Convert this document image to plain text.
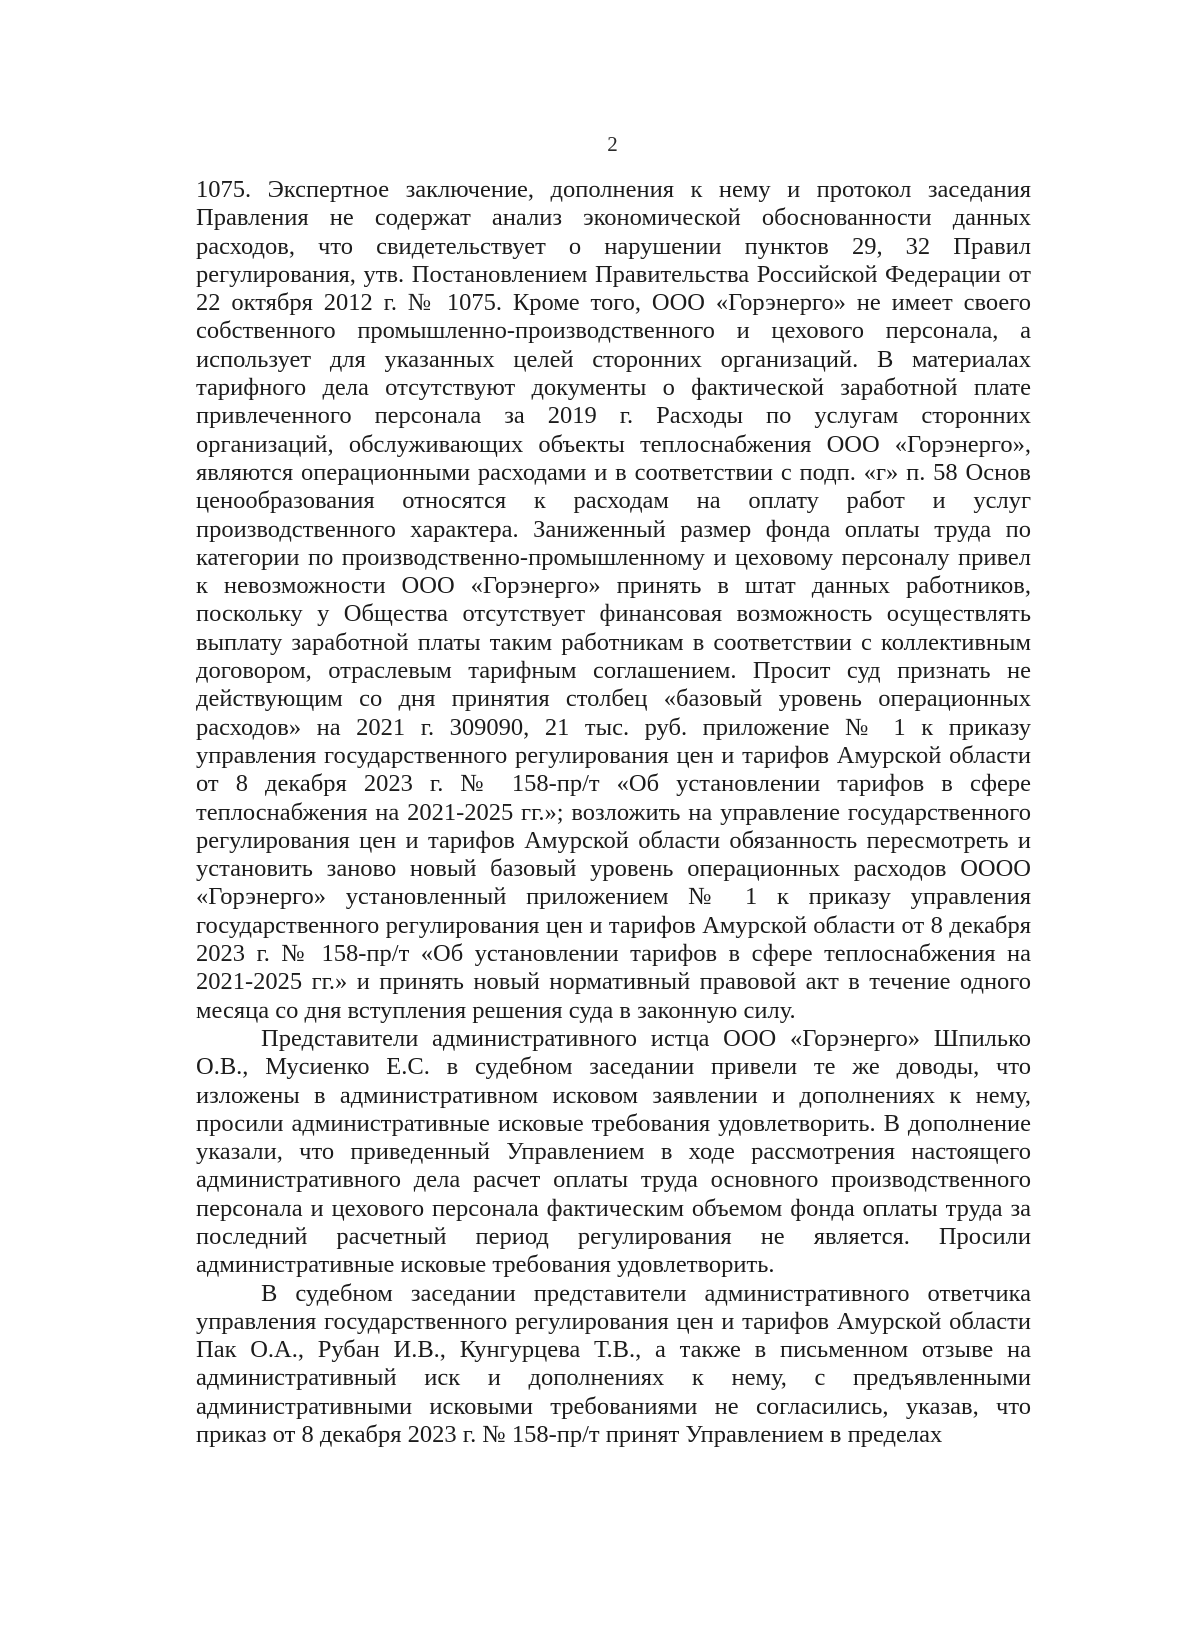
2

1075. Экспертное заключение, дополнения к нему и протокол заседания Правления не содержат анализ экономической обоснованности данных расходов, что свидетельствует о нарушении пунктов 29, 32 Правил регулирования, утв. Постановлением Правительства Российской Федерации от 22 октября 2012 г. № 1075. Кроме того, ООО «Горэнерго» не имеет своего собственного промышленно-производственного и цехового персонала, а использует для указанных целей сторонних организаций. В материалах тарифного дела отсутствуют документы о фактической заработной плате привлеченного персонала за 2019 г. Расходы по услугам сторонних организаций, обслуживающих объекты теплоснабжения ООО «Горэнерго», являются операционными расходами и в соответствии с подп. «г» п. 58 Основ ценообразования относятся к расходам на оплату работ и услуг производственного характера. Заниженный размер фонда оплаты труда по категории по производственно-промышленному и цеховому персоналу привел к невозможности ООО «Горэнерго» принять в штат данных работников, поскольку у Общества отсутствует финансовая возможность осуществлять выплату заработной платы таким работникам в соответствии с коллективным договором, отраслевым тарифным соглашением. Просит суд признать не действующим со дня принятия столбец «базовый уровень операционных расходов» на 2021 г. 309090, 21 тыс. руб. приложение № 1 к приказу управления государственного регулирования цен и тарифов Амурской области от 8 декабря 2023 г. № 158-пр/т «Об установлении тарифов в сфере теплоснабжения на 2021-2025 гг.»; возложить на управление государственного регулирования цен и тарифов Амурской области обязанность пересмотреть и установить заново новый базовый уровень операционных расходов ОООО «Горэнерго» установленный приложением № 1 к приказу управления государственного регулирования цен и тарифов Амурской области от 8 декабря 2023 г. № 158-пр/т «Об установлении тарифов в сфере теплоснабжения на 2021-2025 гг.» и принять новый нормативный правовой акт в течение одного месяца со дня вступления решения суда в законную силу.

Представители административного истца ООО «Горэнерго» Шпилько О.В., Мусиенко Е.С. в судебном заседании привели те же доводы, что изложены в административном исковом заявлении и дополнениях к нему, просили административные исковые требования удовлетворить. В дополнение указали, что приведенный Управлением в ходе рассмотрения настоящего административного дела расчет оплаты труда основного производственного персонала и цехового персонала фактическим объемом фонда оплаты труда за последний расчетный период регулирования не является. Просили административные исковые требования удовлетворить.

В судебном заседании представители административного ответчика управления государственного регулирования цен и тарифов Амурской области Пак О.А., Рубан И.В., Кунгурцева Т.В., а также в письменном отзыве на административный иск и дополнениях к нему, с предъявленными административными исковыми требованиями не согласились, указав, что приказ от 8 декабря 2023 г. № 158-пр/т принят Управлением в пределах
